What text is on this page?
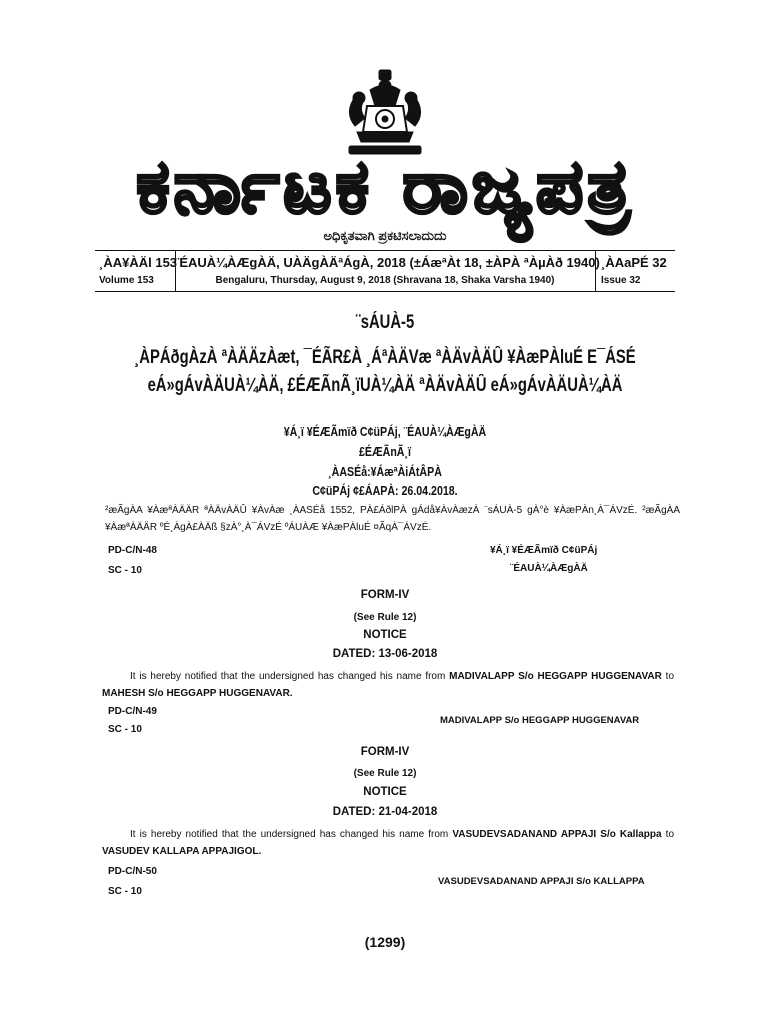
ಕರ್ನಾಟಕ ರಾಜ್ಯಪತ್ರ
ಅಧಿಕೃತವಾಗಿ ಪ್ರಕಟಿಸಲಾದುದು
¸ÀA¥ÀÄl 153
Volume 153
¨ÉAUÀ¼ÀÆgÀÄ, UÀÄgÀÄªÁgÀ, 2018 (±ÁæªÀt 18, ±ÀPÀ ªÀµÀð 1940)
Bengaluru, Thursday, August 9, 2018 (Shravana 18, Shaka Varsha 1940)
¸ÀAaPÉ 32
Issue 32
¨sÁUÀ-5
¸ÀPÁðgÀzÀ ªÀÄÄzÀæt, ¯ÉÃR£À ¸ÁªÀÄVæ ªÀÄvÀÄÛ ¥ÀæPÀluÉ E¯ÁSÉ
eÁ»gÁvÀÄUÀ¼ÀÄ, £ÉÆÃnÃ¸ïUÀ¼ÀÄ ªÀÄvÀÄÛ eÁ»gÁvÀÄUÀ¼ÀÄ
¥Á¸ï ¥ÉÆÃmïð C¢üPÁj, ¨ÉAUÀ¼ÀÆgÀÄ
£ÉÆÃnÃ¸ï
¸ÀASÉå:¥ÁæªÀiÁtÂPÀ
C¢üPÁj ¢£ÁAPÀ: 26.04.2018.
²æÃgÀA ¥ÀæªÀÄÄR ªÀÄvÀÄÛ ¥ÀvÀæ ¸ÀASÉå 1552, PÀ£ÁðlPÀ gÁdå¥ÀvÀæzÀ ¨sÁUÀ-5 gÀ°è ¥ÀæPÀn¸À¯ÁVzÉ. ²æÃgÀA ¥ÀæªÀÄÄR ºÉ¸ÀgÀ£ÀÄß §zÀ°¸À¯ÁVzÉ ºÁUÀÆ ¥ÀæPÀluÉ ¤ÃqÀ¯ÁVzÉ.
PD-C/N-48
SC - 10
¥Á¸ï ¥ÉÆÃmïð C¢üPÁj
¨ÉAUÀ¼ÀÆgÀÄ
FORM-IV
(See Rule 12)
NOTICE
DATED: 13-06-2018
It is hereby notified that the undersigned has changed his name from MADIVALAPP S/o HEGGAPP HUGGENAVAR to MAHESH S/o HEGGAPP HUGGENAVAR.
PD-C/N-49
SC - 10
MADIVALAPP S/o HEGGAPP HUGGENAVAR
FORM-IV
(See Rule 12)
NOTICE
DATED: 21-04-2018
It is hereby notified that the undersigned has changed his name from VASUDEVSADANAND APPAJI S/o Kallappa to VASUDEV KALLAPA APPAJIGOL.
PD-C/N-50
SC - 10
VASUDEVSADANAND APPAJI S/o KALLAPPA
(1299)
